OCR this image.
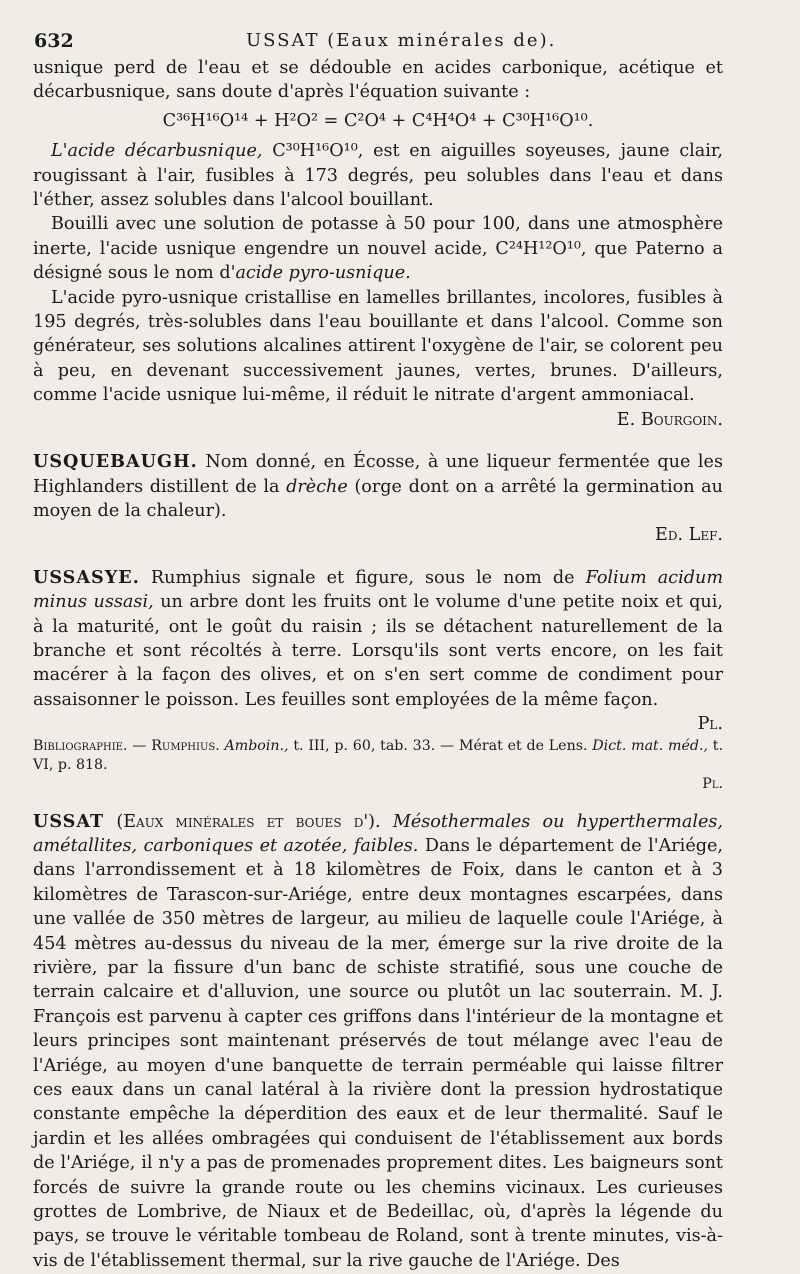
632	USSAT (Eaux minérales de).

usnique perd de l'eau et se dédouble en acides carbonique, acétique et décarbusnique, sans doute d'après l'équation suivante :

C³⁶H¹⁶O¹⁴ + H²O² = C²O⁴ + C⁴H⁴O⁴ + C³⁰H¹⁶O¹⁰.

L'acide décarbusnique, C³⁰H¹⁶O¹⁰, est en aiguilles soyeuses, jaune clair, rougissant à l'air, fusibles à 173 degrés, peu solubles dans l'eau et dans l'éther, assez solubles dans l'alcool bouillant.

Bouilli avec une solution de potasse à 50 pour 100, dans une atmosphère inerte, l'acide usnique engendre un nouvel acide, C²⁴H¹²O¹⁰, que Paterno a désigné sous le nom d'acide pyro-usnique.

L'acide pyro-usnique cristallise en lamelles brillantes, incolores, fusibles à 195 degrés, très-solubles dans l'eau bouillante et dans l'alcool. Comme son générateur, ses solutions alcalines attirent l'oxygène de l'air, se colorent peu à peu, en devenant successivement jaunes, vertes, brunes. D'ailleurs, comme l'acide usnique lui-même, il réduit le nitrate d'argent ammoniacal.

E. Bourgoin.

USQUEBAUGH. Nom donné, en Écosse, à une liqueur fermentée que les Highlanders distillent de la drèche (orge dont on a arrêté la germination au moyen de la chaleur).

Ed. Lef.

USSASYE. Rumphius signale et figure, sous le nom de Folium acidum minus ussasi, un arbre dont les fruits ont le volume d'une petite noix et qui, à la maturité, ont le goût du raisin ; ils se détachent naturellement de la branche et sont récoltés à terre. Lorsqu'ils sont verts encore, on les fait macérer à la façon des olives, et on s'en sert comme de condiment pour assaisonner le poisson. Les feuilles sont employées de la même façon.

Pl.

Bibliographie. — Rumphius. Amboin., t. III, p. 60, tab. 33. — Mérat et de Lens. Dict. mat. méd., t. VI, p. 818.

Pl.

USSAT (Eaux minérales et boues d'). Mésothermales ou hyperthermales, amétallites, carboniques et azotée, faibles. Dans le département de l'Ariége, dans l'arrondissement et à 18 kilomètres de Foix, dans le canton et à 3 kilomètres de Tarascon-sur-Ariége, entre deux montagnes escarpées, dans une vallée de 350 mètres de largeur, au milieu de laquelle coule l'Ariége, à 454 mètres au-dessus du niveau de la mer, émerge sur la rive droite de la rivière, par la fissure d'un banc de schiste stratifié, sous une couche de terrain calcaire et d'alluvion, une source ou plutôt un lac souterrain. M. J. François est parvenu à capter ces griffons dans l'intérieur de la montagne et leurs principes sont maintenant préservés de tout mélange avec l'eau de l'Ariége, au moyen d'une banquette de terrain perméable qui laisse filtrer ces eaux dans un canal latéral à la rivière dont la pression hydrostatique constante empêche la déperdition des eaux et de leur thermalité. Sauf le jardin et les allées ombragées qui conduisent de l'établissement aux bords de l'Ariége, il n'y a pas de promenades proprement dites. Les baigneurs sont forcés de suivre la grande route ou les chemins vicinaux. Les curieuses grottes de Lombrive, de Niaux et de Bedeillac, où, d'après la légende du pays, se trouve le véritable tombeau de Roland, sont à trente minutes, vis-à-vis de l'établissement thermal, sur la rive gauche de l'Ariége. Des
